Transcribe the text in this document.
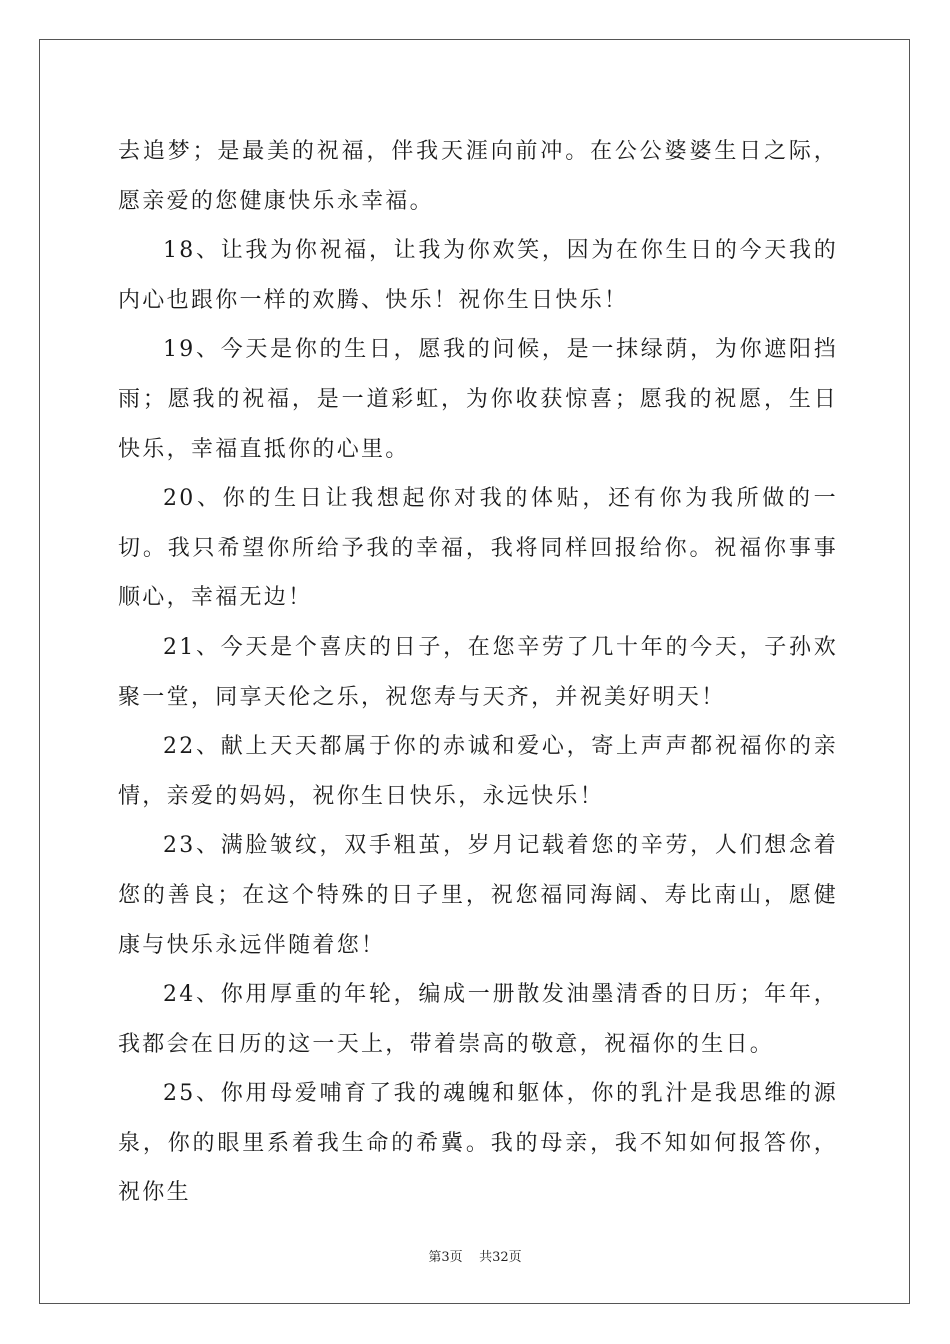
去追梦；是最美的祝福，伴我天涯向前冲。在公公婆婆生日之际，愿亲爱的您健康快乐永幸福。

18、让我为你祝福，让我为你欢笑，因为在你生日的今天我的内心也跟你一样的欢腾、快乐！祝你生日快乐！

19、今天是你的生日，愿我的问候，是一抹绿荫，为你遮阳挡雨；愿我的祝福，是一道彩虹，为你收获惊喜；愿我的祝愿，生日快乐，幸福直抵你的心里。

20、你的生日让我想起你对我的体贴，还有你为我所做的一切。我只希望你所给予我的幸福，我将同样回报给你。祝福你事事顺心，幸福无边！

21、今天是个喜庆的日子，在您辛劳了几十年的今天，子孙欢聚一堂，同享天伦之乐，祝您寿与天齐，并祝美好明天！

22、献上天天都属于你的赤诚和爱心，寄上声声都祝福你的亲情，亲爱的妈妈，祝你生日快乐，永远快乐！

23、满脸皱纹，双手粗茧，岁月记载着您的辛劳，人们想念着您的善良；在这个特殊的日子里，祝您福同海阔、寿比南山，愿健康与快乐永远伴随着您！

24、你用厚重的年轮，编成一册散发油墨清香的日历；年年，我都会在日历的这一天上，带着崇高的敬意，祝福你的生日。

25、你用母爱哺育了我的魂魄和躯体，你的乳汁是我思维的源泉，你的眼里系着我生命的希冀。我的母亲，我不知如何报答你，祝你生

第3页 共32页
